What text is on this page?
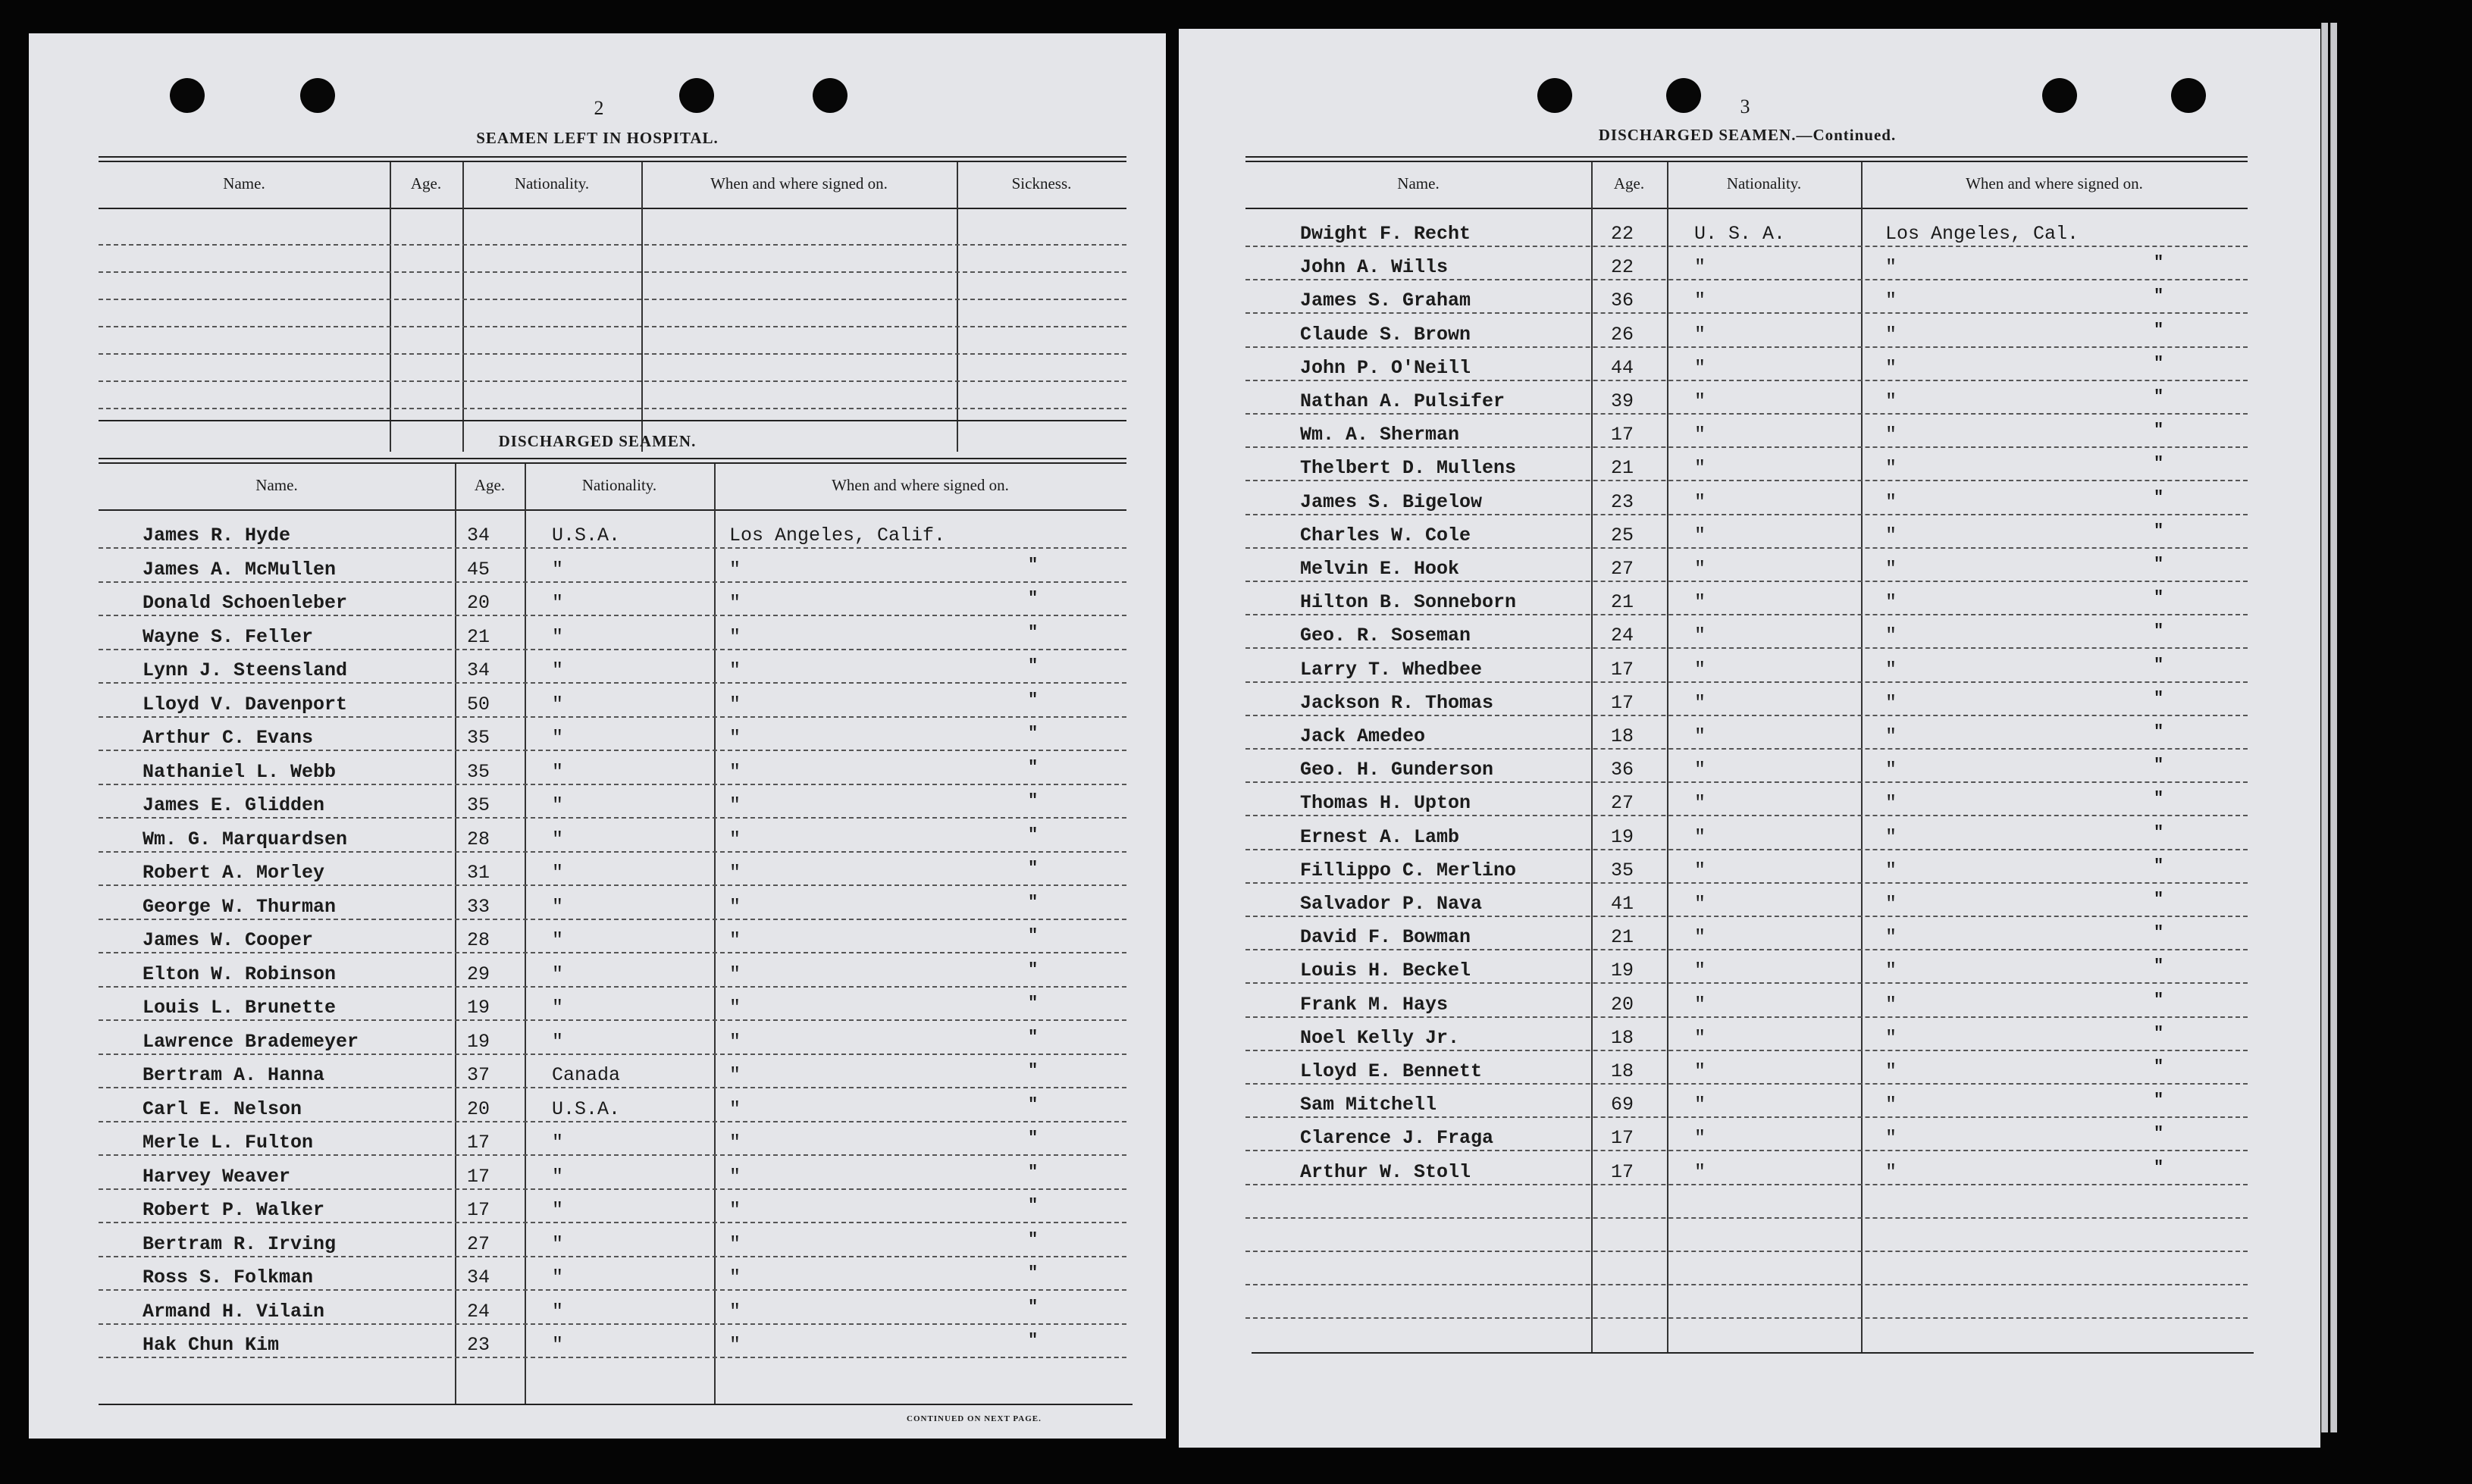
2
SEAMEN LEFT IN HOSPITAL.
Name.	Age.	Nationality.	When and where signed on.	Sickness.
DISCHARGED SEAMEN.
Name.	Age.	Nationality.	When and where signed on.
James R. Hyde	34	U.S.A.	Los Angeles, Calif.
James A. McMullen	45	"	"	"
Donald Schoenleber	20	"	"	"
Wayne S. Feller	21	"	"	"
Lynn J. Steensland	34	"	"	"
Lloyd V. Davenport	50	"	"	"
Arthur C. Evans	35	"	"	"
Nathaniel L. Webb	35	"	"	"
James E. Glidden	35	"	"	"
Wm. G. Marquardsen	28	"	"	"
Robert A. Morley	31	"	"	"
George W. Thurman	33	"	"	"
James W. Cooper	28	"	"	"
Elton W. Robinson	29	"	"	"
Louis L. Brunette	19	"	"	"
Lawrence Brademeyer	19	"	"	"
Bertram A. Hanna	37	Canada	"	"
Carl E. Nelson	20	U.S.A.	"	"
Merle L. Fulton	17	"	"	"
Harvey Weaver	17	"	"	"
Robert P. Walker	17	"	"	"
Bertram R. Irving	27	"	"	"
Ross S. Folkman	34	"	"	"
Armand H. Vilain	24	"	"	"
Hak Chun Kim	23	"	"	"
CONTINUED ON NEXT PAGE.
3
DISCHARGED SEAMEN.—Continued.
Name.	Age.	Nationality.	When and where signed on.
Dwight F. Recht	22	U. S. A.	Los Angeles, Cal.
John A. Wills	22	"	"	"
James S. Graham	36	"	"	"
Claude S. Brown	26	"	"	"
John P. O'Neill	44	"	"	"
Nathan A. Pulsifer	39	"	"	"
Wm. A. Sherman	17	"	"	"
Thelbert D. Mullens	21	"	"	"
James S. Bigelow	23	"	"	"
Charles W. Cole	25	"	"	"
Melvin E. Hook	27	"	"	"
Hilton B. Sonneborn	21	"	"	"
Geo. R. Soseman	24	"	"	"
Larry T. Whedbee	17	"	"	"
Jackson R. Thomas	17	"	"	"
Jack Amedeo	18	"	"	"
Geo. H. Gunderson	36	"	"	"
Thomas H. Upton	27	"	"	"
Ernest A. Lamb	19	"	"	"
Fillippo C. Merlino	35	"	"	"
Salvador P. Nava	41	"	"	"
David F. Bowman	21	"	"	"
Louis H. Beckel	19	"	"	"
Frank M. Hays	20	"	"	"
Noel Kelly Jr.	18	"	"	"
Lloyd E. Bennett	18	"	"	"
Sam Mitchell	69	"	"	"
Clarence J. Fraga	17	"	"	"
Arthur W. Stoll	17	"	"	"
